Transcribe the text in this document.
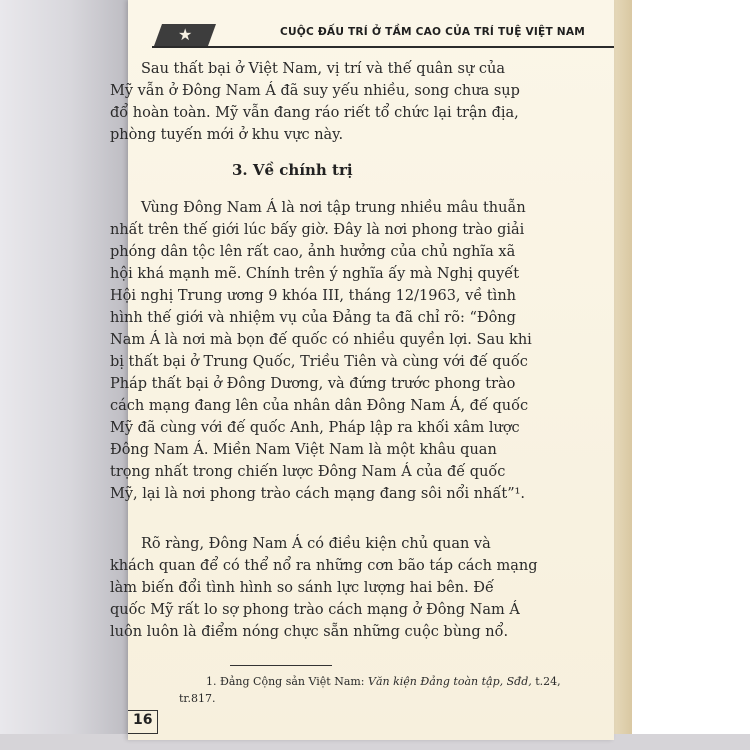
★	CUỘC ĐẤU TRÍ Ở TẦM CAO CỦA TRÍ TUỆ VIỆT NAM
Sau thất bại ở Việt Nam, vị trí và thế quân sự của
Mỹ vẫn ở Đông Nam Á đã suy yếu nhiều, song chưa sụp
đổ hoàn toàn. Mỹ vẫn đang ráo riết tổ chức lại trận địa,
phòng tuyến mới ở khu vực này.
3. Về chính trị
Vùng Đông Nam Á là nơi tập trung nhiều mâu thuẫn
nhất trên thế giới lúc bấy giờ. Đây là nơi phong trào giải
phóng dân tộc lên rất cao, ảnh hưởng của chủ nghĩa xã
hội khá mạnh mẽ. Chính trên ý nghĩa ấy mà Nghị quyết
Hội nghị Trung ương 9 khóa III, tháng 12/1963, về tình
hình thế giới và nhiệm vụ của Đảng ta đã chỉ rõ: “Đông
Nam Á là nơi mà bọn đế quốc có nhiều quyền lợi. Sau khi
bị thất bại ở Trung Quốc, Triều Tiên và cùng với đế quốc
Pháp thất bại ở Đông Dương, và đứng trước phong trào
cách mạng đang lên của nhân dân Đông Nam Á, đế quốc
Mỹ đã cùng với đế quốc Anh, Pháp lập ra khối xâm lược
Đông Nam Á. Miền Nam Việt Nam là một khâu quan
trọng nhất trong chiến lược Đông Nam Á của đế quốc
Mỹ, lại là nơi phong trào cách mạng đang sôi nổi nhất”¹.
Rõ ràng, Đông Nam Á có điều kiện chủ quan và
khách quan để có thể nổ ra những cơn bão táp cách mạng
làm biến đổi tình hình so sánh lực lượng hai bên. Đế
quốc Mỹ rất lo sợ phong trào cách mạng ở Đông Nam Á
luôn luôn là điểm nóng chực sẵn những cuộc bùng nổ.
1. Đảng Cộng sản Việt Nam: Văn kiện Đảng toàn tập, Sđd, t.24,
tr.817.
16
